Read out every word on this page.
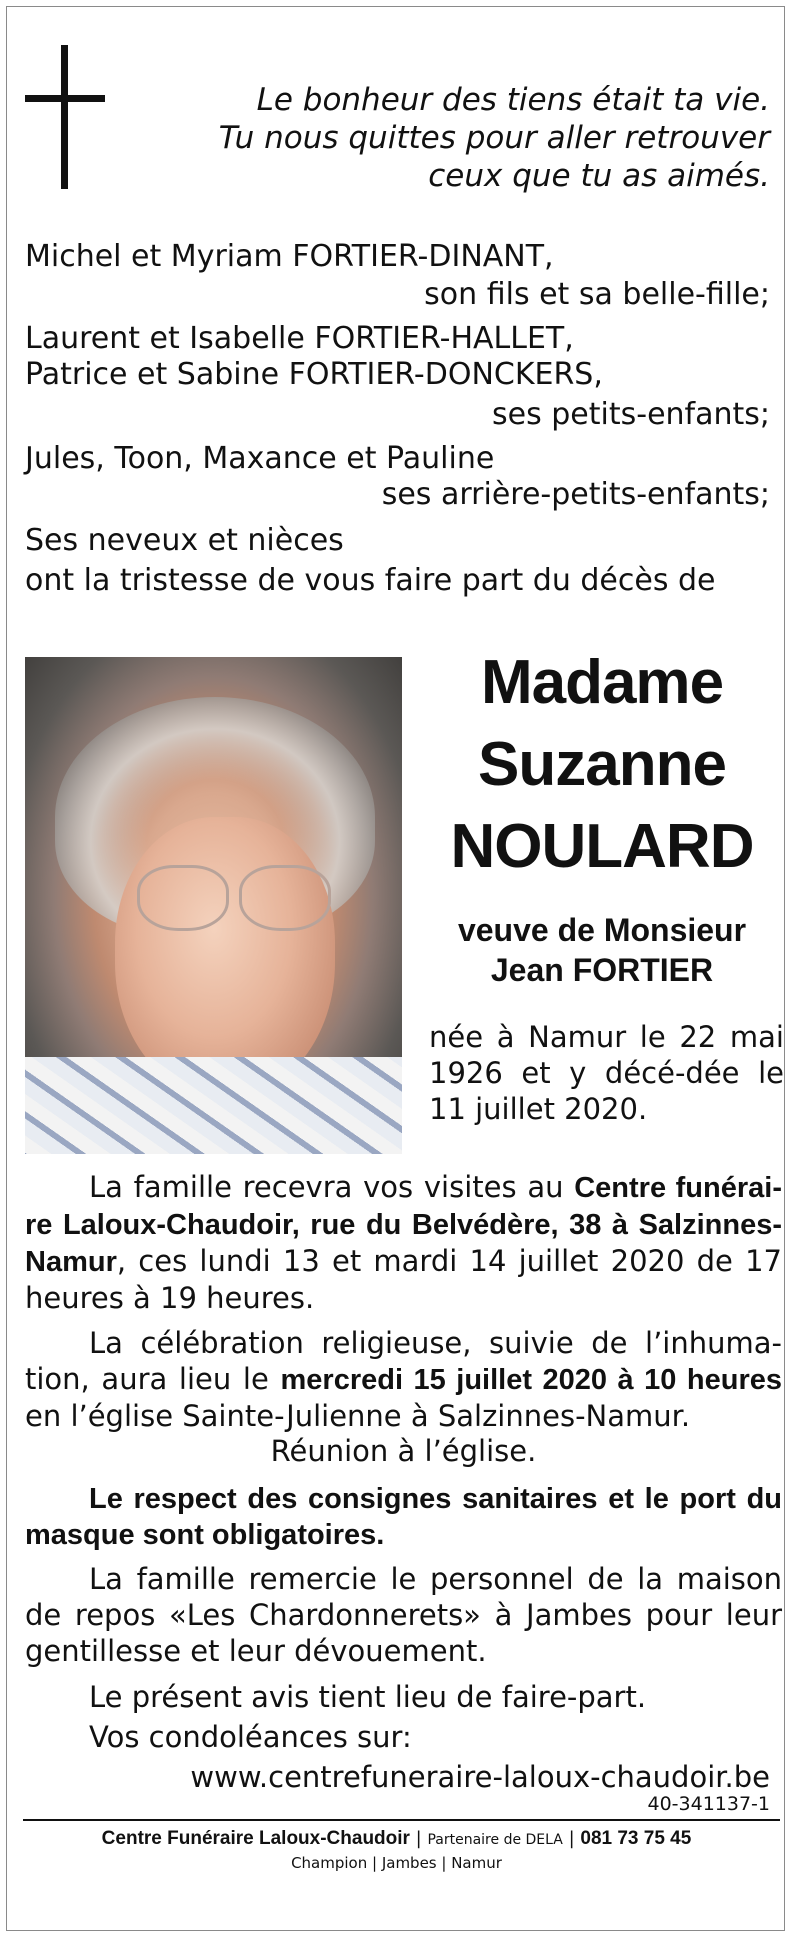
Le bonheur des tiens était ta vie.
Tu nous quittes pour aller retrouver
ceux que tu as aimés.
Michel et Myriam FORTIER-DINANT,
son fils et sa belle-fille;
Laurent et Isabelle FORTIER-HALLET,
Patrice et Sabine FORTIER-DONCKERS,
ses petits-enfants;
Jules, Toon, Maxance et Pauline
ses arrière-petits-enfants;
Ses neveux et nièces
ont la tristesse de vous faire part du décès de
Madame
Suzanne
NOULARD
veuve de Monsieur
Jean FORTIER
née à Namur le 22 mai 1926 et y décé-dée le 11 juillet 2020.
La famille recevra vos visites au Centre funérai-re Laloux-Chaudoir, rue du Belvédère, 38 à Salzinnes-Namur, ces lundi 13 et mardi 14 juillet 2020 de 17 heures à 19 heures.
La célébration religieuse, suivie de l’inhuma-tion, aura lieu le mercredi 15 juillet 2020 à 10 heures en l’église Sainte-Julienne à Salzinnes-Namur.
Réunion à l’église.
Le respect des consignes sanitaires et le port du masque sont obligatoires.
La famille remercie le personnel de la maison de repos «Les Chardonnerets» à Jambes pour leur gentillesse et leur dévouement.
Le présent avis tient lieu de faire-part.
Vos condoléances sur:
www.centrefuneraire-laloux-chaudoir.be
40-341137-1
Centre Funéraire Laloux-Chaudoir | Partenaire de DELA | 081 73 75 45
Champion | Jambes | Namur
